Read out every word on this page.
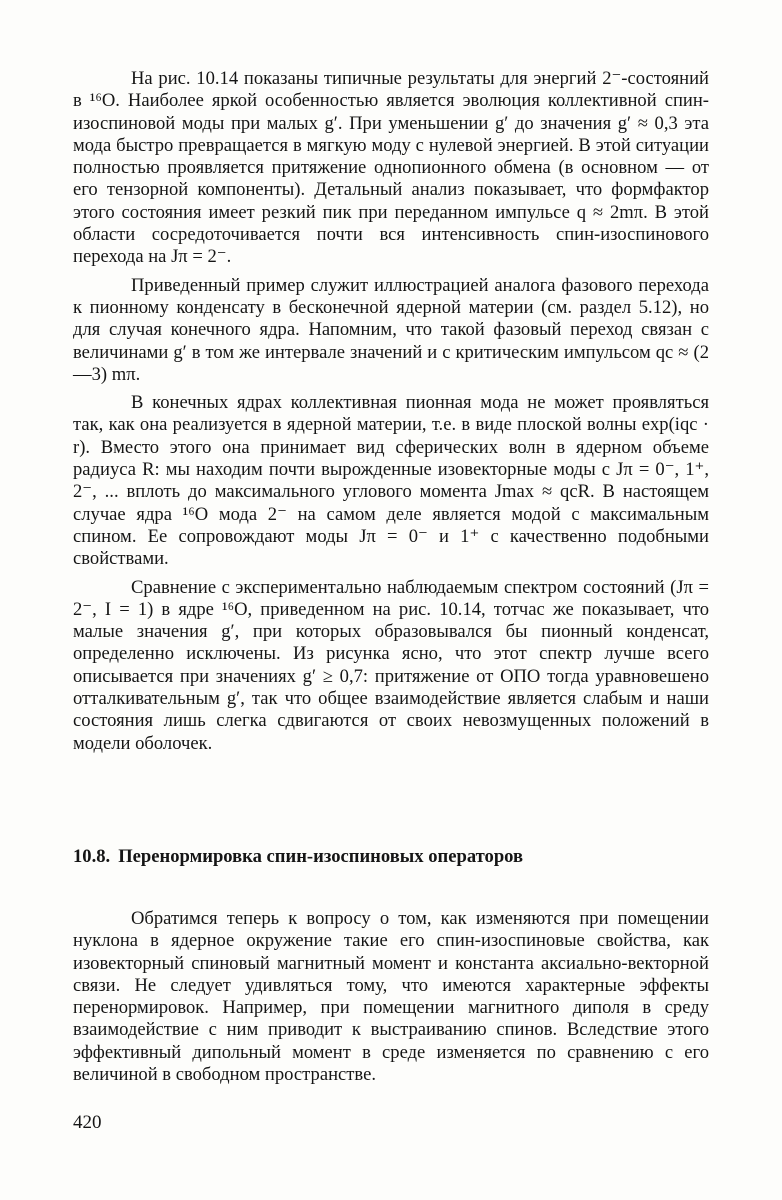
На рис. 10.14 показаны типичные результаты для энергий 2⁻-состояний в ¹⁶O. Наиболее яркой особенностью является эволюция коллективной спин-изоспиновой моды при малых g′. При уменьшении g′ до значения g′ ≈ 0,3 эта мода быстро превращается в мягкую моду с нулевой энергией. В этой ситуации полностью проявляется притяжение однопионного обмена (в основном — от его тензорной компоненты). Детальный анализ показывает, что формфактор этого состояния имеет резкий пик при переданном импульсе q ≈ 2mπ. В этой области сосредоточивается почти вся интенсивность спин-изоспинового перехода на Jπ = 2⁻.

Приведенный пример служит иллюстрацией аналога фазового перехода к пионному конденсату в бесконечной ядерной материи (см. раздел 5.12), но для случая конечного ядра. Напомним, что такой фазовый переход связан с величинами g′ в том же интервале значений и с критическим импульсом qc ≈ (2—3) mπ.

В конечных ядрах коллективная пионная мода не может проявляться так, как она реализуется в ядерной материи, т.е. в виде плоской волны exp(iqc · r). Вместо этого она принимает вид сферических волн в ядерном объеме радиуса R: мы находим почти вырожденные изовекторные моды с Jπ = 0⁻, 1⁺, 2⁻, ... вплоть до максимального углового момента Jmax ≈ qcR. В настоящем случае ядра ¹⁶O мода 2⁻ на самом деле является модой с максимальным спином. Ее сопровождают моды Jπ = 0⁻ и 1⁺ с качественно подобными свойствами.

Сравнение с экспериментально наблюдаемым спектром состояний (Jπ = 2⁻, I = 1) в ядре ¹⁶O, приведенном на рис. 10.14, тотчас же показывает, что малые значения g′, при которых образовывался бы пионный конденсат, определенно исключены. Из рисунка ясно, что этот спектр лучше всего описывается при значениях g′ ≥ 0,7: притяжение от ОПО тогда уравновешено отталкивательным g′, так что общее взаимодействие является слабым и наши состояния лишь слегка сдвигаются от своих невозмущенных положений в модели оболочек.

10.8. Перенормировка спин-изоспиновых операторов

Обратимся теперь к вопросу о том, как изменяются при помещении нуклона в ядерное окружение такие его спин-изоспиновые свойства, как изовекторный спиновый магнитный момент и константа аксиально-векторной связи. Не следует удивляться тому, что имеются характерные эффекты перенормировок. Например, при помещении магнитного диполя в среду взаимодействие с ним приводит к выстраиванию спинов. Вследствие этого эффективный дипольный момент в среде изменяется по сравнению с его величиной в свободном пространстве.

420
